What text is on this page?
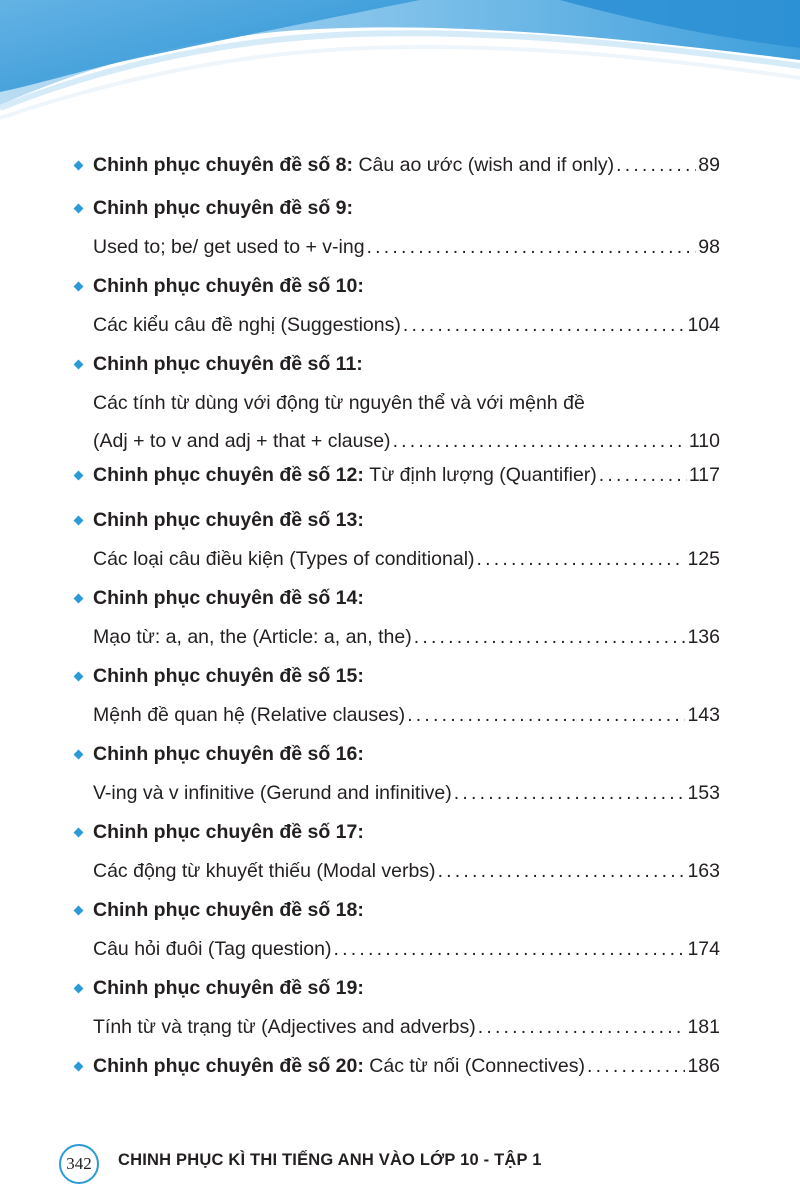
Chinh phục chuyên đề số 8:
Câu ao ước (wish and if only) .....	89
Chinh phục chuyên đề số 9:
Used to; be/ get used to + v-ing .....	98
Chinh phục chuyên đề số 10:
Các kiểu câu đề nghị (Suggestions) .....	104
Chinh phục chuyên đề số 11:
Các tính từ dùng với động từ nguyên thể và với mệnh đề
(Adj + to v and adj + that + clause) .....	110
Chinh phục chuyên đề số 12:
Từ định lượng (Quantifier) .....	117
Chinh phục chuyên đề số 13:
Các loại câu điều kiện (Types of conditional) .....	125
Chinh phục chuyên đề số 14:
Mạo từ: a, an, the (Article: a, an, the) .....	136
Chinh phục chuyên đề số 15:
Mệnh đề quan hệ (Relative clauses) .....	143
Chinh phục chuyên đề số 16:
V-ing và v infinitive (Gerund and infinitive) .....	153
Chinh phục chuyên đề số 17:
Các động từ khuyết thiếu (Modal verbs) .....	163
Chinh phục chuyên đề số 18:
Câu hỏi đuôi (Tag question) .....	174
Chinh phục chuyên đề số 19:
Tính từ và trạng từ (Adjectives and adverbs) .....	181
Chinh phục chuyên đề số 20:
Các từ nối (Connectives) .....	186
342	CHINH PHỤC KÌ THI TIẾNG ANH VÀO LỚP 10 - TẬP 1
